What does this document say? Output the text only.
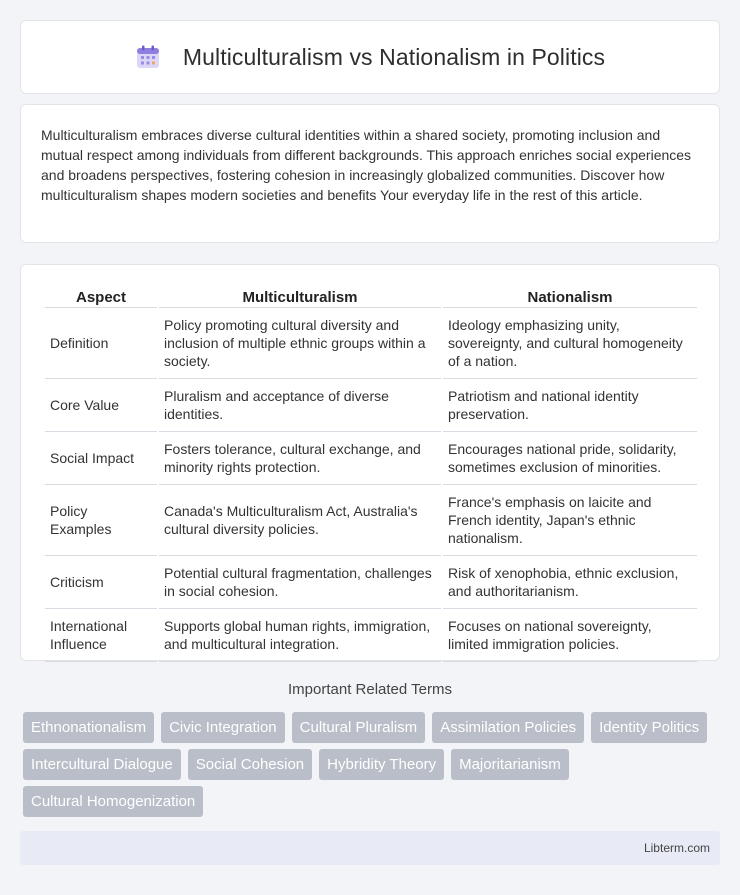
Multiculturalism vs Nationalism in Politics

Multiculturalism embraces diverse cultural identities within a shared society, promoting inclusion and mutual respect among individuals from different backgrounds. This approach enriches social experiences and broadens perspectives, fostering cohesion in increasingly globalized communities. Discover how multiculturalism shapes modern societies and benefits Your everyday life in the rest of this article.

Aspect	Multiculturalism	Nationalism
Definition	Policy promoting cultural diversity and inclusion of multiple ethnic groups within a society.	Ideology emphasizing unity, sovereignty, and cultural homogeneity of a nation.
Core Value	Pluralism and acceptance of diverse identities.	Patriotism and national identity preservation.
Social Impact	Fosters tolerance, cultural exchange, and minority rights protection.	Encourages national pride, solidarity, sometimes exclusion of minorities.
Policy Examples	Canada's Multiculturalism Act, Australia's cultural diversity policies.	France's emphasis on laicite and French identity, Japan's ethnic nationalism.
Criticism	Potential cultural fragmentation, challenges in social cohesion.	Risk of xenophobia, ethnic exclusion, and authoritarianism.
International Influence	Supports global human rights, immigration, and multicultural integration.	Focuses on national sovereignty, limited immigration policies.
Important Related Terms
Ethnonationalism	Civic Integration	Cultural Pluralism	Assimilation Policies	Identity Politics
Intercultural Dialogue	Social Cohesion	Hybridity Theory	Majoritarianism
Cultural Homogenization
Libterm.com
